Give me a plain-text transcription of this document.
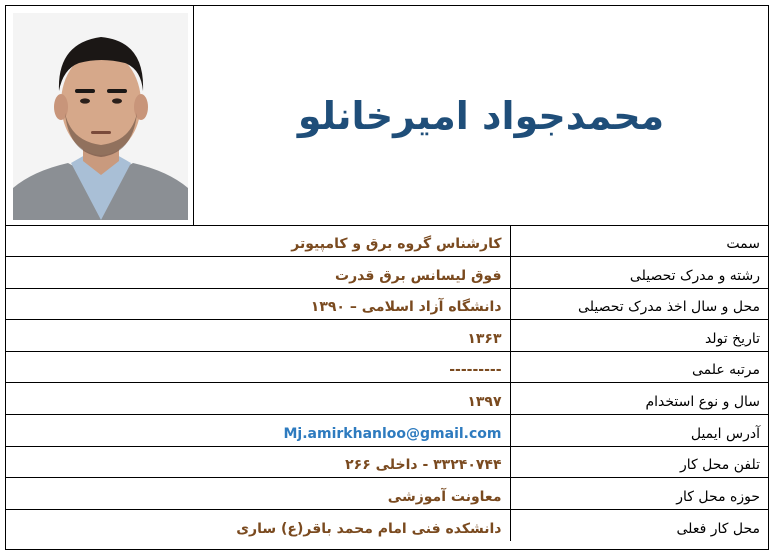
محمدجواد امیرخانلو
سمت	کارشناس گروه برق و کامپیوتر
رشته و مدرک تحصیلی	فوق لیسانس برق قدرت
محل و سال اخذ مدرک تحصیلی	دانشگاه آزاد اسلامی – ۱۳۹۰
تاریخ تولد	۱۳۶۳
مرتبه علمی	---------
سال و نوع استخدام	۱۳۹۷
آدرس ایمیل	Mj.amirkhanloo@gmail.com
تلفن محل کار	۳۳۲۴۰۷۴۴ - داخلی ۲۶۶
حوزه محل کار	معاونت آموزشی
محل کار فعلی	دانشکده فنی امام محمد باقر(ع) ساری
